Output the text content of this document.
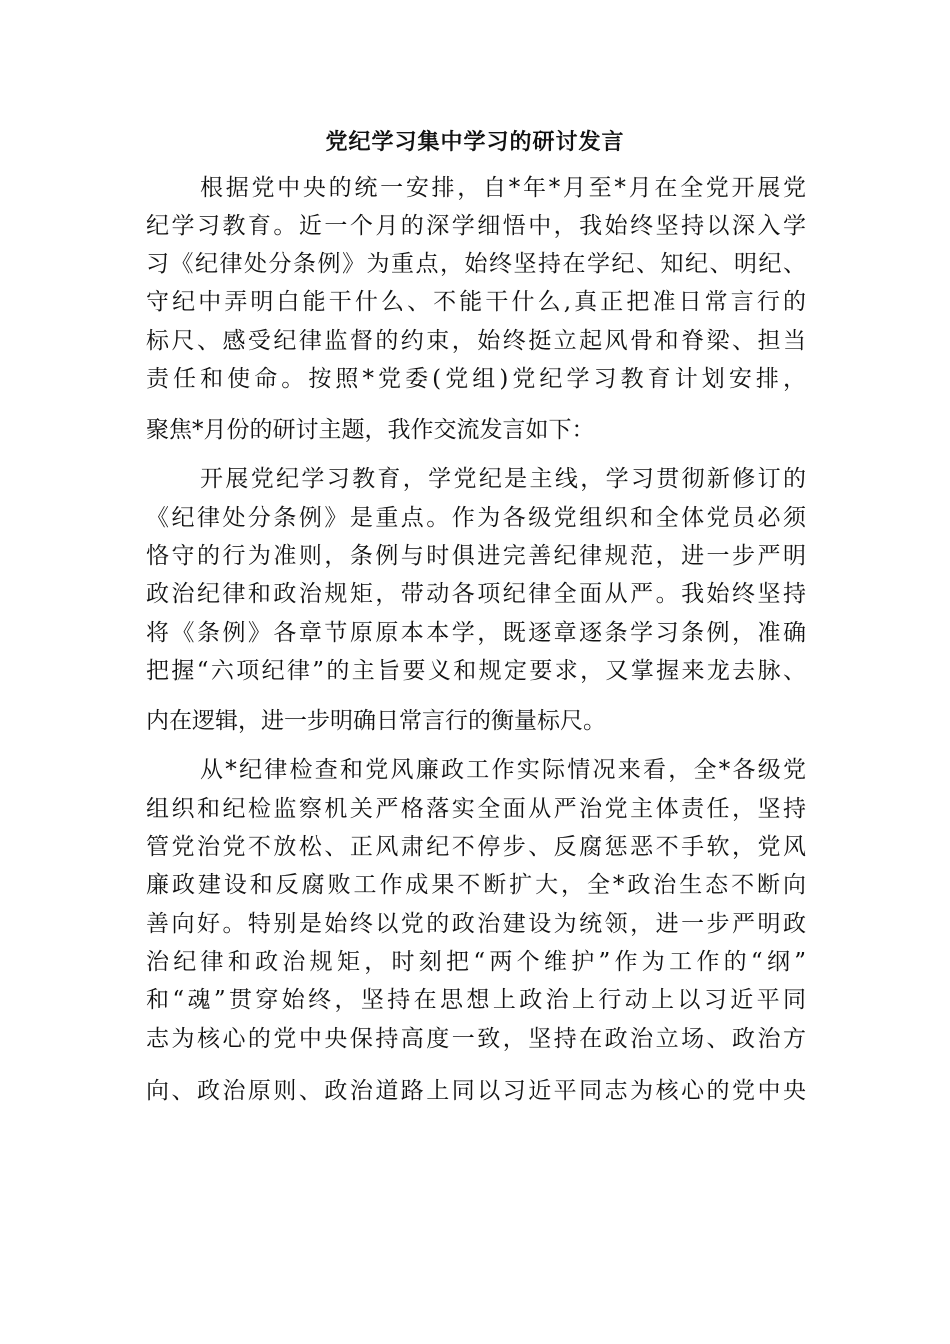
党纪学习集中学习的研讨发言
根据党中央的统一安排，自*年*月至*月在全党开展党
纪学习教育。近一个月的深学细悟中，我始终坚持以深入学
习《纪律处分条例》为重点，始终坚持在学纪、知纪、明纪、
守纪中弄明白能干什么、不能干什么,真正把准日常言行的
标尺、感受纪律监督的约束，始终挺立起风骨和脊梁、担当
责任和使命。按照*党委(党组)党纪学习教育计划安排，
聚焦*月份的研讨主题，我作交流发言如下：
开展党纪学习教育，学党纪是主线，学习贯彻新修订的
《纪律处分条例》是重点。作为各级党组织和全体党员必须
恪守的行为准则，条例与时俱进完善纪律规范，进一步严明
政治纪律和政治规矩，带动各项纪律全面从严。我始终坚持
将《条例》各章节原原本本学，既逐章逐条学习条例，准确
把握“六项纪律”的主旨要义和规定要求，又掌握来龙去脉、
内在逻辑，进一步明确日常言行的衡量标尺。
从*纪律检查和党风廉政工作实际情况来看，全*各级党
组织和纪检监察机关严格落实全面从严治党主体责任，坚持
管党治党不放松、正风肃纪不停步、反腐惩恶不手软，党风
廉政建设和反腐败工作成果不断扩大，全*政治生态不断向
善向好。特别是始终以党的政治建设为统领，进一步严明政
治纪律和政治规矩，时刻把“两个维护”作为工作的“纲”
和“魂”贯穿始终，坚持在思想上政治上行动上以习近平同
志为核心的党中央保持高度一致，坚持在政治立场、政治方
向、政治原则、政治道路上同以习近平同志为核心的党中央
